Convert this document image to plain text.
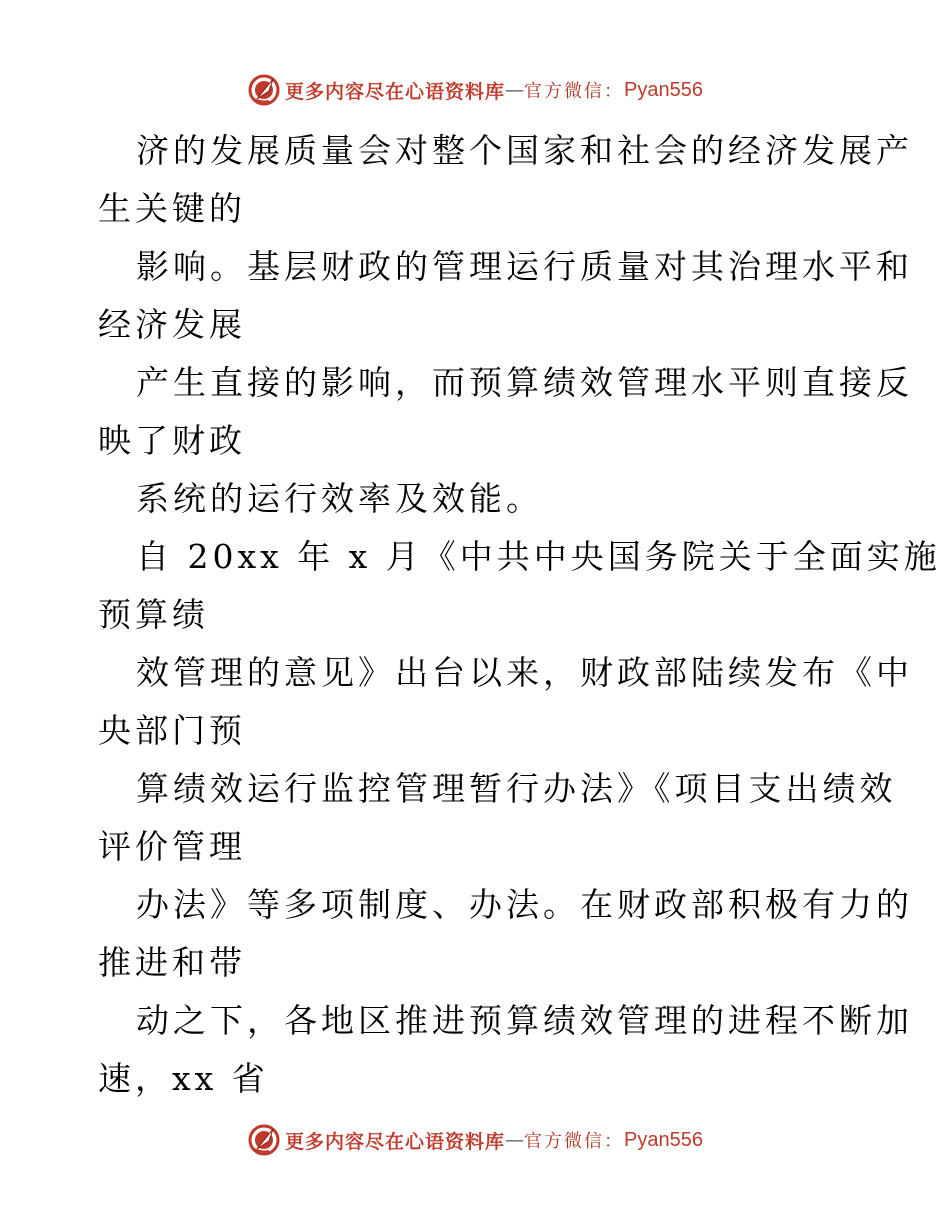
更多内容尽在心语资料库 — 官方微信： Pyan556
济的发展质量会对整个国家和社会的经济发展产
生关键的
影响。基层财政的管理运行质量对其治理水平和
经济发展
产生直接的影响，而预算绩效管理水平则直接反
映了财政
系统的运行效率及效能。
自 20xx 年 x 月《中共中央国务院关于全面实施
预算绩
效管理的意见》出台以来，财政部陆续发布《中
央部门预
算绩效运行监控管理暂行办法》《项目支出绩效
评价管理
办法》等多项制度、办法。在财政部积极有力的
推进和带
动之下，各地区推进预算绩效管理的进程不断加
速，xx 省
更多内容尽在心语资料库 — 官方微信： Pyan556
